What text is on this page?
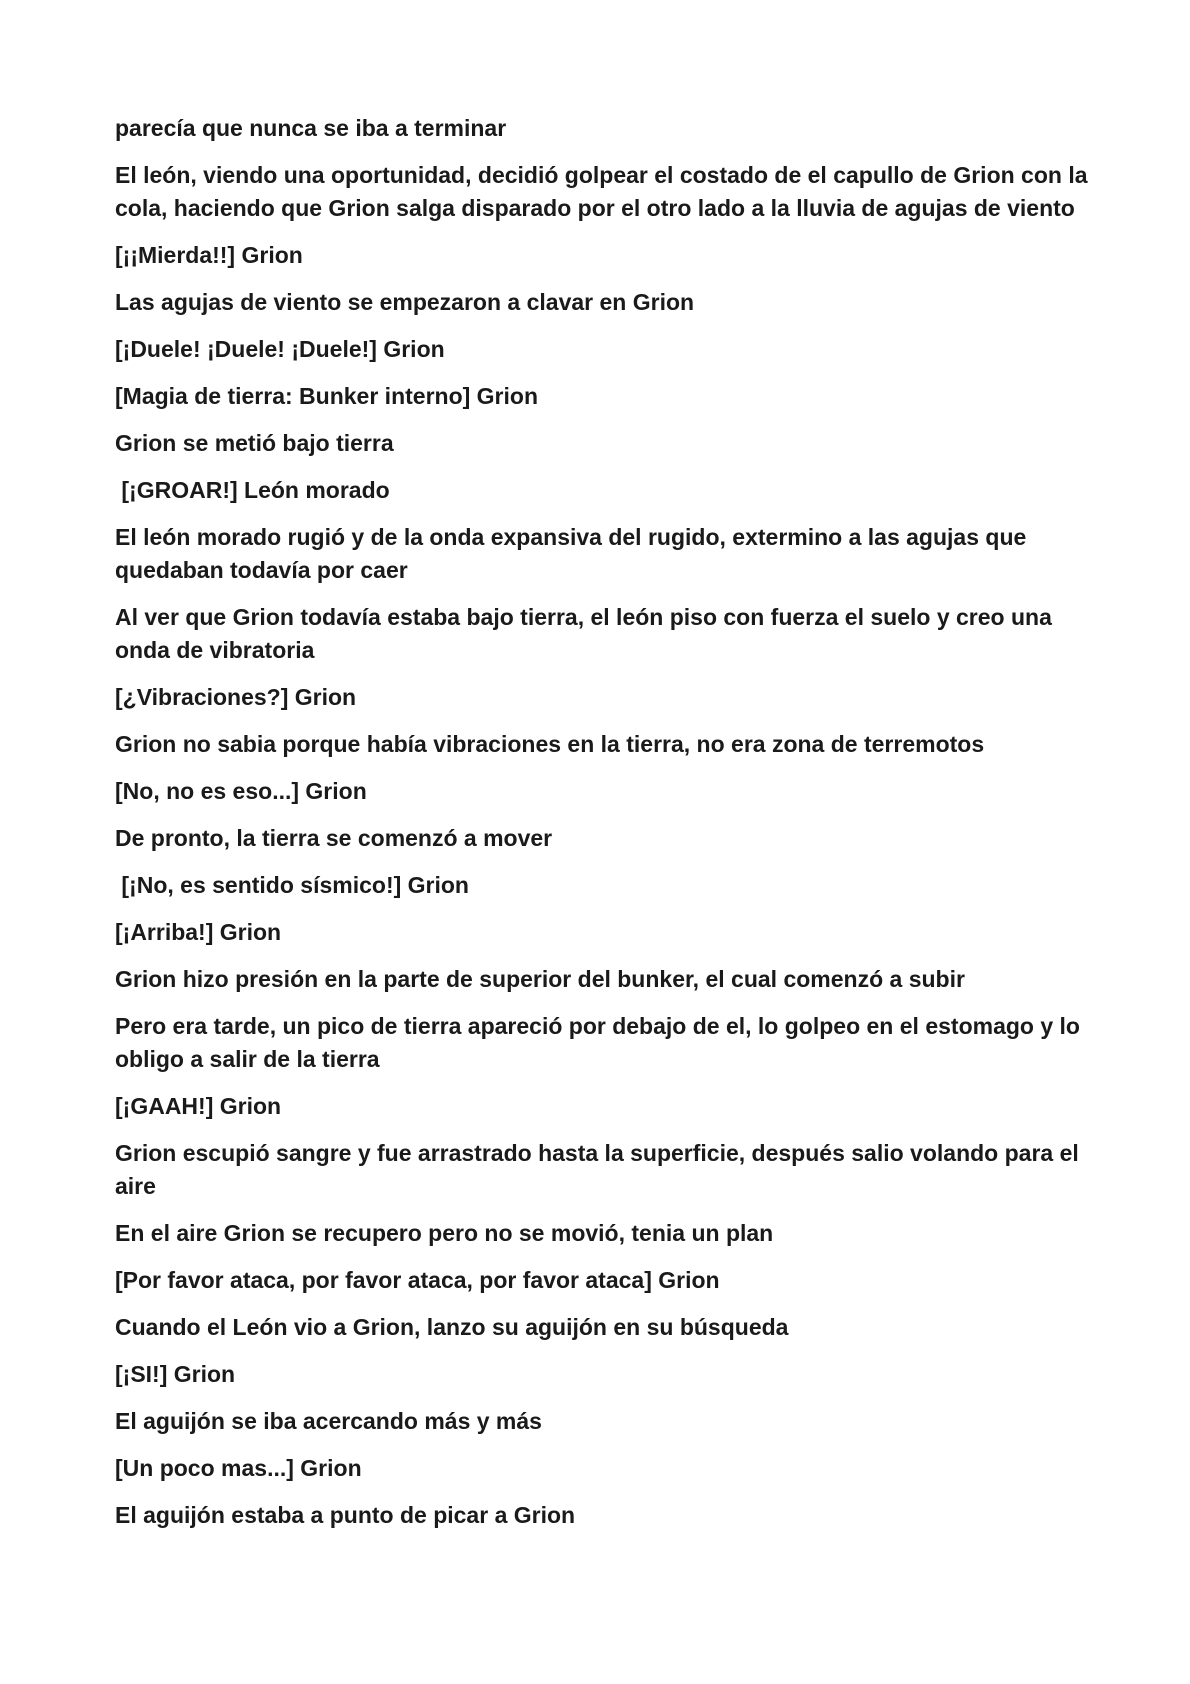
parecía que nunca se iba a terminar

El león, viendo una oportunidad, decidió golpear el costado de el capullo de Grion con la cola, haciendo que Grion salga disparado por el otro lado a la lluvia de agujas de viento

[¡¡Mierda!!] Grion

Las agujas de viento se empezaron a clavar en Grion

[¡Duele! ¡Duele! ¡Duele!] Grion

[Magia de tierra: Bunker interno] Grion

Grion se metió bajo tierra

[¡GROAR!] León morado

El león morado rugió y de la onda expansiva del rugido, extermino a las agujas que quedaban todavía por caer

Al ver que Grion todavía estaba bajo tierra, el león piso con fuerza el suelo y creo una onda de vibratoria

[¿Vibraciones?] Grion

Grion no sabia porque había vibraciones en la tierra, no era zona de terremotos

[No, no es eso...] Grion

De pronto, la tierra se comenzó a mover

[¡No, es sentido sísmico!] Grion

[¡Arriba!] Grion

Grion hizo presión en la parte de superior del bunker, el cual comenzó a subir

Pero era tarde, un pico de tierra apareció por debajo de el, lo golpeo en el estomago y lo obligo a salir de la tierra

[¡GAAH!] Grion

Grion escupió sangre y fue arrastrado hasta la superficie, después salio volando para el aire

En el aire Grion se recupero pero no se movió, tenia un plan

[Por favor ataca, por favor ataca, por favor ataca] Grion

Cuando el León vio a Grion, lanzo su aguijón en su búsqueda

[¡SI!] Grion

El aguijón se iba acercando más y más

[Un poco mas...] Grion

El aguijón estaba a punto de picar a Grion
